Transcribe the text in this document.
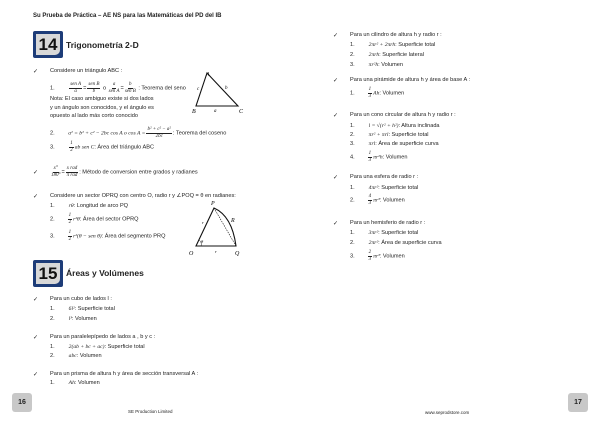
Su Prueba de Práctica – AE NS para las Matemáticas del PD del IB
14 Trigonometría 2-D
✓ Considere un triángulo ABC :
1.
sen A
a =
sen B
b o
a
sen A =
b
sen B : Teorema del seno
Nota: El caso ambiguo existe si dos lados
y un ángulo son conocidos, y el ángulo es
opuesto al lado más corto conocido
2. a² = b² + c² − 2bc cos A o $\cos A = \frac{\text{b² + c² − a²}}{2bc}$ : Teorema del coseno
3.	$\frac{1}{2}$ ab sen C: Área del triángulo ABC
A
B	C
a
b
c
✓	$\frac{x^\circ}{180^\circ}$ =
x rad
π rad : Método de conversion entre grados y radianes
✓ Considere un sector OPRQ con centro O, radio r y ∠POQ = θ en radianes:
1.	rθ: Longitud de arco PQ
2.	$\frac{1}{2} r^2\theta$: Área del sector OPRQ
3.	$\frac{1}{2} r^2(\theta$ − sen θ): Área del segmento PRQ
P
Q
R
O
r
r
θ
15 Áreas y Volúmenes
✓ Para un cubo de lados l :
1.	6l²: Superficie total
2.	l³: Volumen
✓ Para un paralelepípedo de lados a , b y c :
1.	2(ab + bc + ac): Superficie total
2.	abc: Volumen
✓ Para un prisma de altura h y área de sección transversal A :
1.	Ah: Volumen
✓ Para un cilindro de altura h y radio r :
1.	2πr² + 2πrh: Superficie total
2.	2πrh: Superficie lateral
3.	πr²h: Volumen
✓ Para una pirámide de altura h y área de base A :
1.	$\frac{1}{3} Ah$: Volumen
✓ Para un cono circular de altura h y radio r :
1.	l = √(r² + h²): Altura inclinada
2.	πr² + πrl: Superficie total
3.	πrl: Área de superficie curva
4.	$\frac{1}{3} \pi r^2h$: Volumen
✓ Para una esfera de radio r :
1.	4πr²: Superficie total
2.	$\frac{4}{3} \pi r^3$: Volumen
✓ Para un hemisferio de radio r :
1.	3πr²: Superficie total
2.	2πr²: Área de superficie curva
3.	$\frac{2}{3} \pi r^3$: Volumen
16	17
SE Production Limited	www.seprodstore.com
